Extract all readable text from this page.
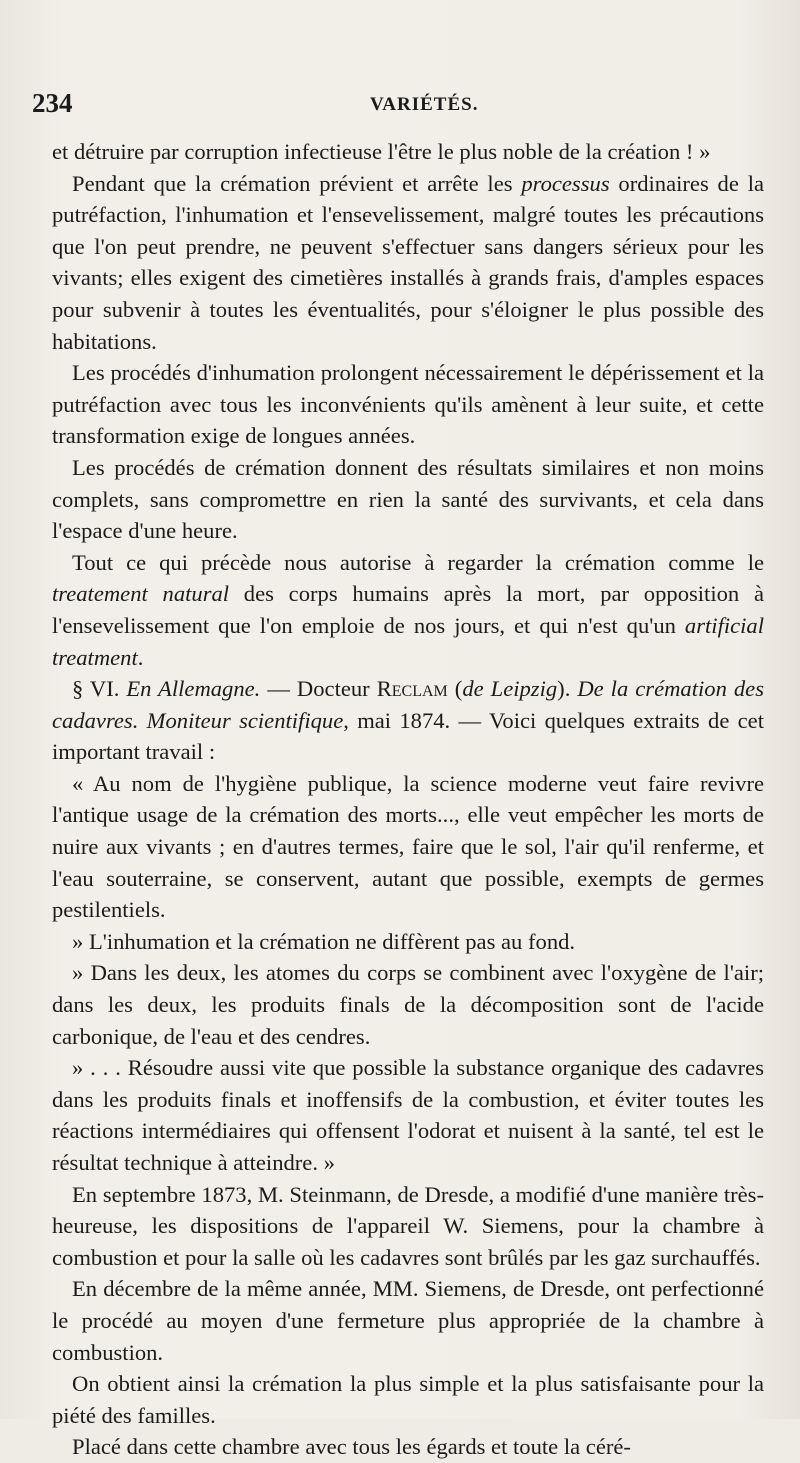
234	VARIÉTÉS.

et détruire par corruption infectieuse l'être le plus noble de la création ! »

Pendant que la crémation prévient et arrête les processus ordinaires de la putréfaction, l'inhumation et l'ensevelissement, malgré toutes les précautions que l'on peut prendre, ne peuvent s'effectuer sans dangers sérieux pour les vivants; elles exigent des cimetières installés à grands frais, d'amples espaces pour subvenir à toutes les éventualités, pour s'éloigner le plus possible des habitations.

Les procédés d'inhumation prolongent nécessairement le dépérissement et la putréfaction avec tous les inconvénients qu'ils amènent à leur suite, et cette transformation exige de longues années.

Les procédés de crémation donnent des résultats similaires et non moins complets, sans compromettre en rien la santé des survivants, et cela dans l'espace d'une heure.

Tout ce qui précède nous autorise à regarder la crémation comme le treatement natural des corps humains après la mort, par opposition à l'ensevelissement que l'on emploie de nos jours, et qui n'est qu'un artificial treatment.

§ VI. En Allemagne. — Docteur Reclam (de Leipzig). De la crémation des cadavres. Moniteur scientifique, mai 1874. — Voici quelques extraits de cet important travail :

« Au nom de l'hygiène publique, la science moderne veut faire revivre l'antique usage de la crémation des morts..., elle veut empêcher les morts de nuire aux vivants ; en d'autres termes, faire que le sol, l'air qu'il renferme, et l'eau souterraine, se conservent, autant que possible, exempts de germes pestilentiels.

» L'inhumation et la crémation ne diffèrent pas au fond.

» Dans les deux, les atomes du corps se combinent avec l'oxygène de l'air; dans les deux, les produits finals de la décomposition sont de l'acide carbonique, de l'eau et des cendres.

» . . . Résoudre aussi vite que possible la substance organique des cadavres dans les produits finals et inoffensifs de la combustion, et éviter toutes les réactions intermédiaires qui offensent l'odorat et nuisent à la santé, tel est le résultat technique à atteindre. »

En septembre 1873, M. Steinmann, de Dresde, a modifié d'une manière très-heureuse, les dispositions de l'appareil W. Siemens, pour la chambre à combustion et pour la salle où les cadavres sont brûlés par les gaz surchauffés.

En décembre de la même année, MM. Siemens, de Dresde, ont perfectionné le procédé au moyen d'une fermeture plus appropriée de la chambre à combustion.

On obtient ainsi la crémation la plus simple et la plus satisfaisante pour la piété des familles.

Placé dans cette chambre avec tous les égards et toute la céré-
